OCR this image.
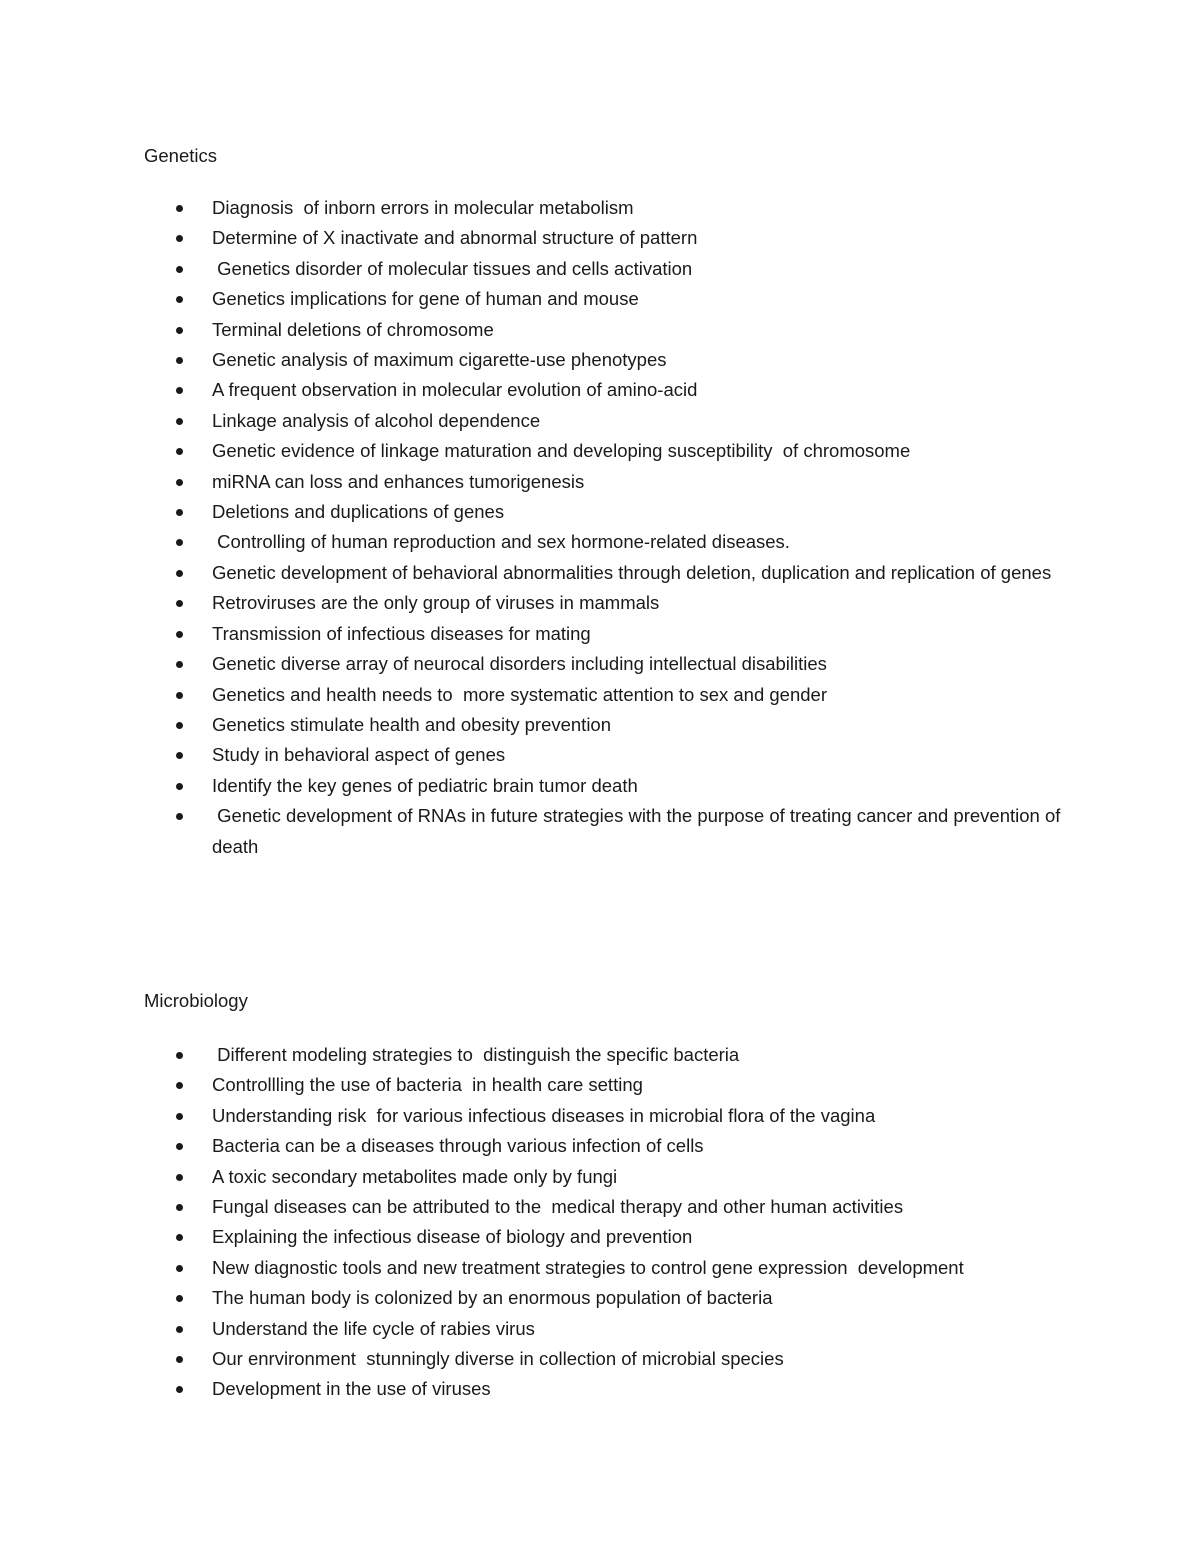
Genetics
Diagnosis  of inborn errors in molecular metabolism
Determine of X inactivate and abnormal structure of pattern
Genetics disorder of molecular tissues and cells activation
Genetics implications for gene of human and mouse
Terminal deletions of chromosome
Genetic analysis of maximum cigarette-use phenotypes
A frequent observation in molecular evolution of amino-acid
Linkage analysis of alcohol dependence
Genetic evidence of linkage maturation and developing susceptibility  of chromosome
miRNA can loss and enhances tumorigenesis
Deletions and duplications of genes
Controlling of human reproduction and sex hormone-related diseases.
Genetic development of behavioral abnormalities through deletion, duplication and replication of genes
Retroviruses are the only group of viruses in mammals
Transmission of infectious diseases for mating
Genetic diverse array of neurocal disorders including intellectual disabilities
Genetics and health needs to  more systematic attention to sex and gender
Genetics stimulate health and obesity prevention
Study in behavioral aspect of genes
Identify the key genes of pediatric brain tumor death
Genetic development of RNAs in future strategies with the purpose of treating cancer and prevention of death
Microbiology
Different modeling strategies to  distinguish the specific bacteria
Controllling the use of bacteria  in health care setting
Understanding risk  for various infectious diseases in microbial flora of the vagina
Bacteria can be a diseases through various infection of cells
A toxic secondary metabolites made only by fungi
Fungal diseases can be attributed to the  medical therapy and other human activities
Explaining the infectious disease of biology and prevention
New diagnostic tools and new treatment strategies to control gene expression  development
The human body is colonized by an enormous population of bacteria
Understand the life cycle of rabies virus
Our enrvironment  stunningly diverse in collection of microbial species
Development in the use of viruses
